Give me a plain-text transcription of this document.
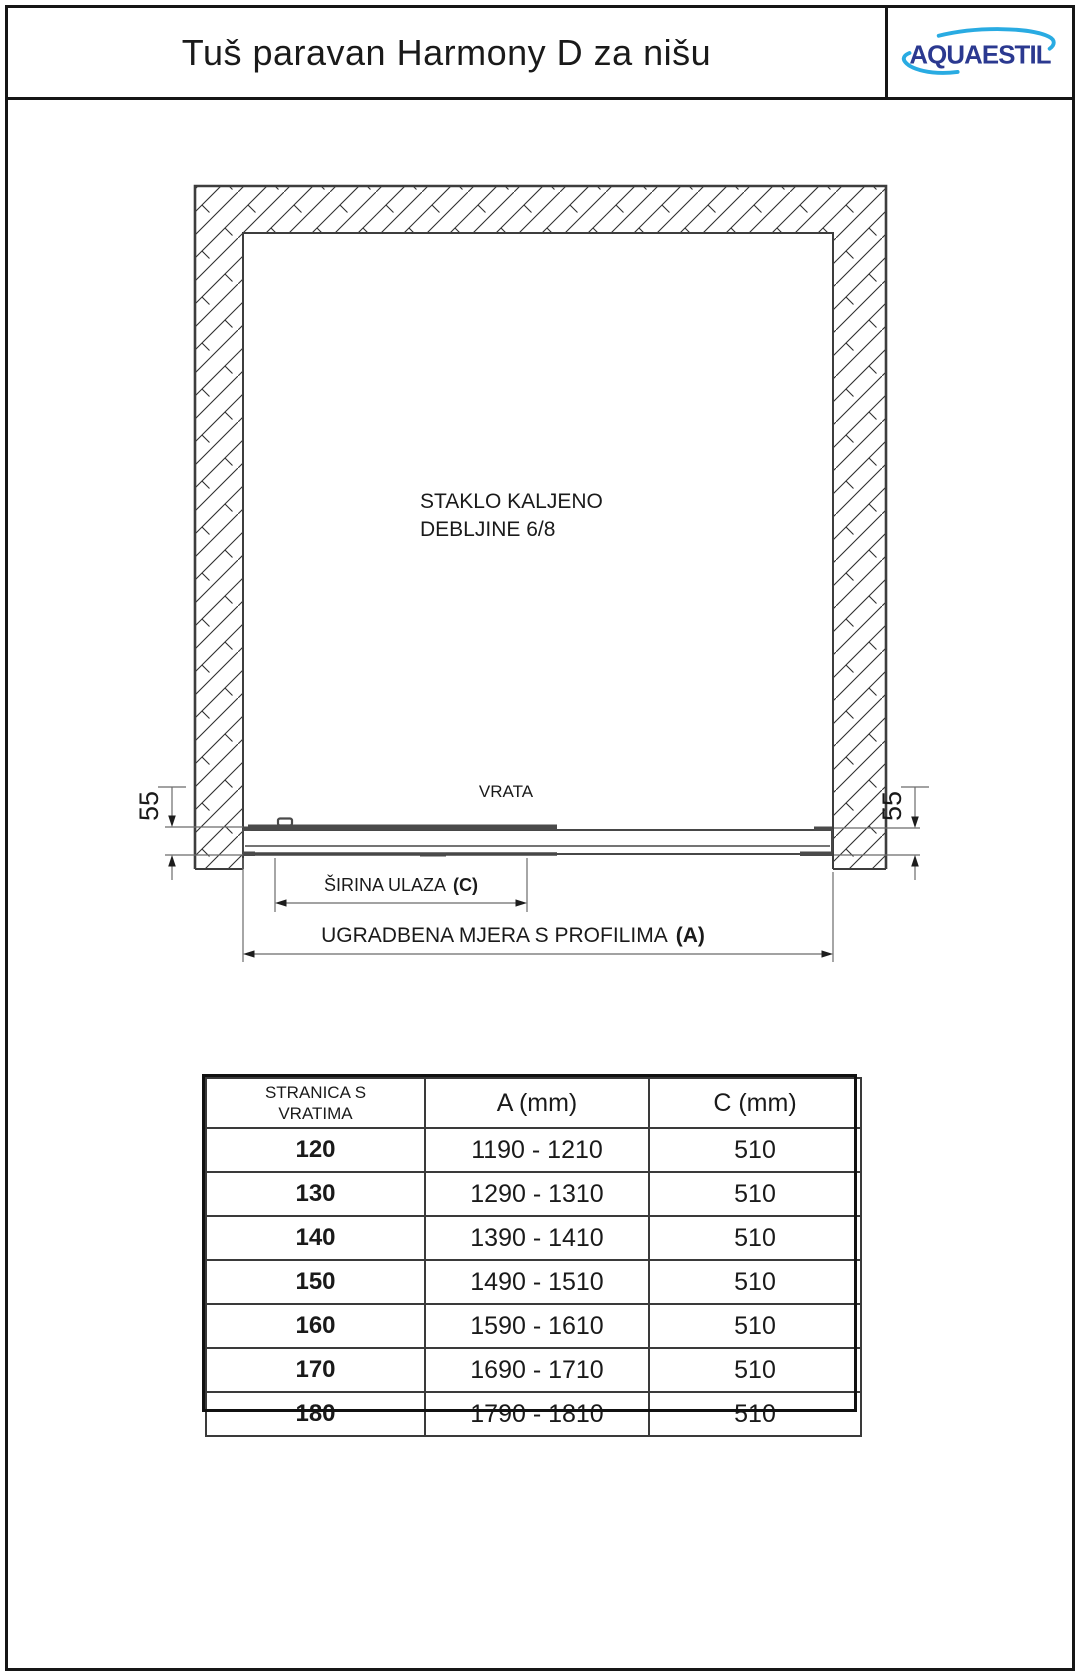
Tuš paravan Harmony D za nišu	AQUAESTIL
STAKLO KALJENO
DEBLJINE 6/8
VRATA
55	55
ŠIRINA ULAZA (C)
UGRADBENA MJERA S PROFILIMA (A)
STRANICA S VRATIMA	A (mm)	C (mm)
120	1190 - 1210	510
130	1290 - 1310	510
140	1390 - 1410	510
150	1490 - 1510	510
160	1590 - 1610	510
170	1690 - 1710	510
180	1790 - 1810	510
